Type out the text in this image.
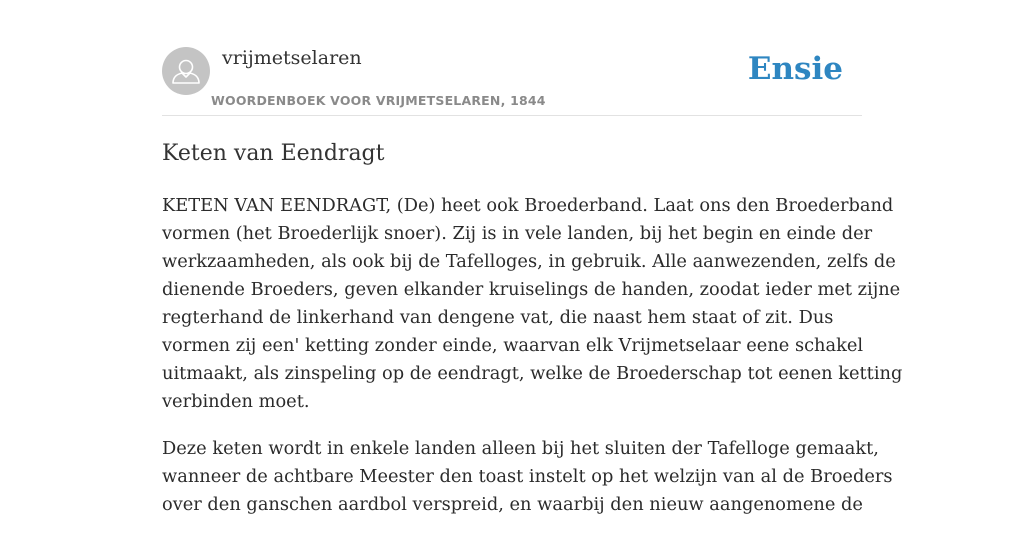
vrijmetselaren
WOORDENBOEK VOOR VRIJMETSELAREN, 1844
Ensie
Keten van Eendragt

KETEN VAN EENDRAGT, (De) heet ook Broederband. Laat ons den Broederband
vormen (het Broederlijk snoer). Zij is in vele landen, bij het begin en einde der
werkzaamheden, als ook bij de Tafelloges, in gebruik. Alle aanwezenden, zelfs de
dienende Broeders, geven elkander kruiselings de handen, zoodat ieder met zijne
regterhand de linkerhand van dengene vat, die naast hem staat of zit. Dus
vormen zij een' ketting zonder einde, waarvan elk Vrijmetselaar eene schakel
uitmaakt, als zinspeling op de eendragt, welke de Broederschap tot eenen ketting
verbinden moet.

Deze keten wordt in enkele landen alleen bij het sluiten der Tafelloge gemaakt,
wanneer de achtbare Meester den toast instelt op het welzijn van al de Broeders
over den ganschen aardbol verspreid, en waarbij den nieuw aangenomene de
